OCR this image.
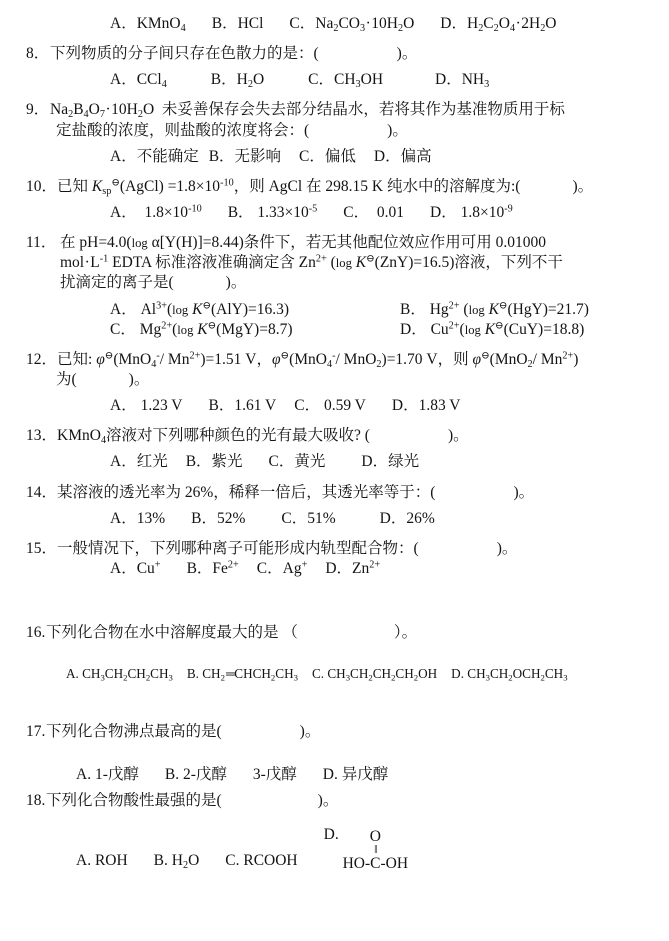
A．KMnO$_4$ B．HCl C．$Na_2CO_3\cdot 10H_2O$ D．$H_2C_2O_4\cdot 2H_2O$
8． 下列物质的分子间只存在色散力的是：(	)。
A．CCl$_4$	B．$H_2O$	C．$CH_3OH$	D．$NH_3$
9． $Na_2B_4O_7\cdot 10H_2O$  未妥善保存会失去部分结晶水，若将其作为基准物质用于标
定盐酸的浓度，则盐酸的浓度将会：(	)。
A．不能确定 B．无影响 C．偏低 D．偏高
10． 已知 $K_{sp}^⊖(AgCl) =1.8\times 10^{-10}$，则 AgCl 在 298.15 K 纯水中的溶解度为:(	)。
A．  $1.8\times 10^{-10}$ B． $1.33\times 10^{-5}$ C．  0.01 D． $1.8\times 10^{-9}$
11． 在 pH=4.0(log α[Y(H)]=8.44)条件下，若无其他配位效应作用可用 0.01000
$mol\cdot L^{-1}$ EDTA 标准溶液准确滴定含 $Zn^{2+}$ (log K⊖(ZnY)=16.5)溶液，下列不干
扰滴定的离子是(	)。
A． $Al^{3+}(\log$ K⊖(AlY)=16.3)	B． $Hg^{2+}$ (log K⊖(HgY)=21.7)
C． $Mg^{2+}(\log$ K⊖(MgY)=8.7)	D． $Cu^{2+}(\log$ K⊖(CuY)=18.8)
12． 已知: φ⊖(MnO$_4$-/ $Mn^{2+})=1.51$ V，φ⊖(MnO$_4$-/ MnO$_2$)=1.70 V，则 φ⊖(MnO$_2$/ $Mn^{2+}$)
为(	)。
A． 1.23 V B．1.61 V C． 0.59 V D．1.83 V
13． KMnO$_4$溶液对下列哪种颜色的光有最大吸收? (	)。
A．红光 B．紫光 C．黄光 D．绿光
14． 某溶液的透光率为 26%，稀释一倍后，其透光率等于：(	)。
A．13% B．52% C．51%	D．26%
15． 一般情况下，下列哪种离子可能形成内轨型配合物：(	)。
A．Cu+ B．$Fe^{2+}$ C．Ag+ D．$Zn^{2+}$
16. 下列化合物在水中溶解度最大的是 （	）。
A. $CH_3CH_2CH_2CH_3$ B. $CH_2═CHCH_2CH_3$ C. $CH_3CH_2CH_2CH_2OH$ D. $CH_3CH_2OCH_2CH_3$
17. 下列化合物沸点最高的是(	)。
A. 1-戊醇 B. 2-戊醇 3-戊醇 D. 异戊醇
18. 下列化合物酸性最强的是(	)。
A. ROH B. $H_2O$ C. RCOOH
D. O
‖
HO-C-OH
